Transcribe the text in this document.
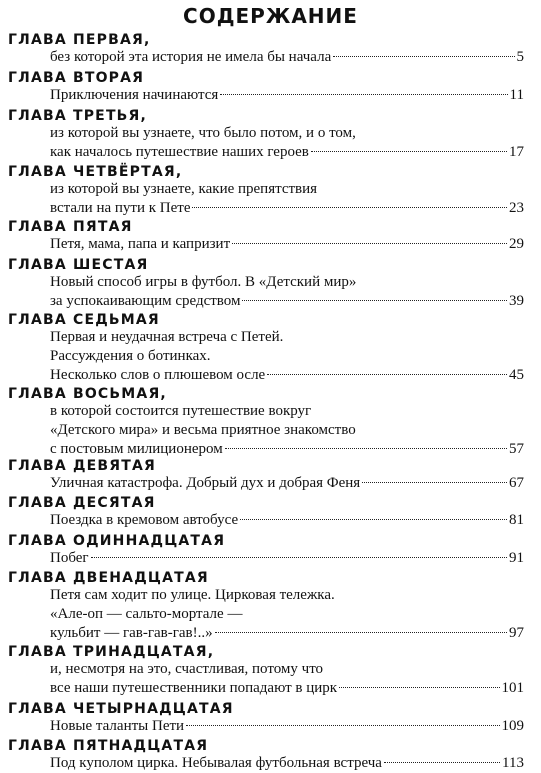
СОДЕРЖАНИЕ
ГЛАВА ПЕРВАЯ,
без которой эта история не имела бы начала	5
ГЛАВА ВТОРАЯ
Приключения начинаются	11
ГЛАВА ТРЕТЬЯ,
из которой вы узнаете, что было потом, и о том,
как началось путешествие наших героев	17
ГЛАВА ЧЕТВЁРТАЯ,
из которой вы узнаете, какие препятствия
встали на пути к Пете	23
ГЛАВА ПЯТАЯ
Петя, мама, папа и капризит	29
ГЛАВА ШЕСТАЯ
Новый способ игры в футбол. В «Детский мир»
за успокаивающим средством	39
ГЛАВА СЕДЬМАЯ
Первая и неудачная встреча с Петей.
Рассуждения о ботинках.
Несколько слов о плюшевом осле	45
ГЛАВА ВОСЬМАЯ,
в которой состоится путешествие вокруг
«Детского мира» и весьма приятное знакомство
с постовым милиционером	57
ГЛАВА ДЕВЯТАЯ
Уличная катастрофа. Добрый дух и добрая Феня	67
ГЛАВА ДЕСЯТАЯ
Поездка в кремовом автобусе	81
ГЛАВА ОДИННАДЦАТАЯ
Побег	91
ГЛАВА ДВЕНАДЦАТАЯ
Петя сам ходит по улице. Цирковая тележка.
«Але-оп — сальто-мортале —
кульбит — гав-гав-гав!..»	97
ГЛАВА ТРИНАДЦАТАЯ,
и, несмотря на это, счастливая, потому что
все наши путешественники попадают в цирк	101
ГЛАВА ЧЕТЫРНАДЦАТАЯ
Новые таланты Пети	109
ГЛАВА ПЯТНАДЦАТАЯ
Под куполом цирка. Небывалая футбольная встреча	113
